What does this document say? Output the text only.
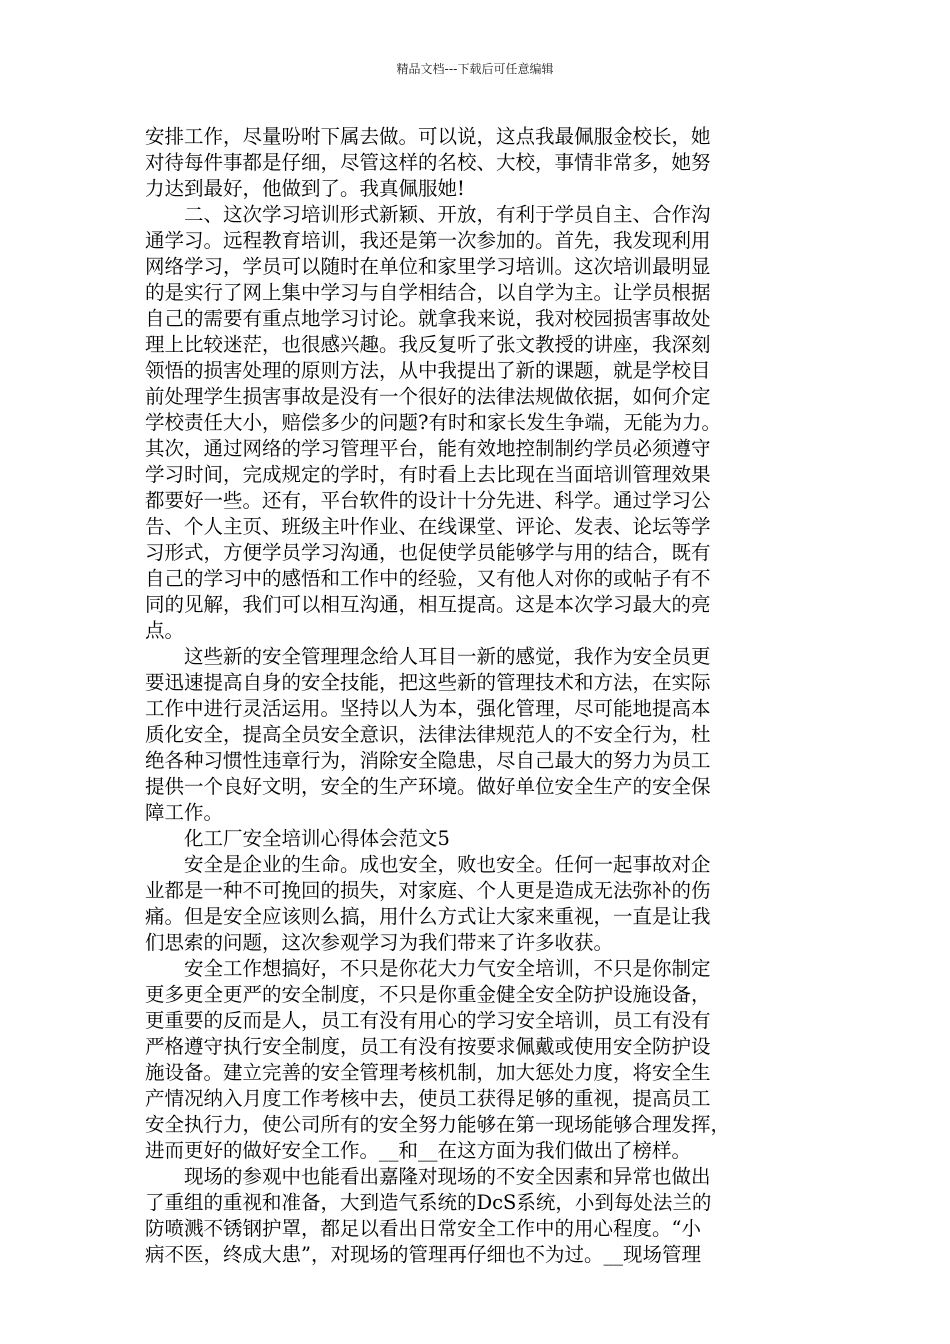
精品文档---下载后可任意编辑
安排工作，尽量吩咐下属去做。可以说，这点我最佩服金校长，她
对待每件事都是仔细，尽管这样的名校、大校，事情非常多，她努
力达到最好，他做到了。我真佩服她!
　　二、这次学习培训形式新颖、开放，有利于学员自主、合作沟
通学习。远程教育培训，我还是第一次参加的。首先，我发现利用
网络学习，学员可以随时在单位和家里学习培训。这次培训最明显
的是实行了网上集中学习与自学相结合，以自学为主。让学员根据
自己的需要有重点地学习讨论。就拿我来说，我对校园损害事故处
理上比较迷茫，也很感兴趣。我反复听了张文教授的讲座，我深刻
领悟的损害处理的原则方法，从中我提出了新的课题，就是学校目
前处理学生损害事故是没有一个很好的法律法规做依据，如何介定
学校责任大小，赔偿多少的问题?有时和家长发生争端，无能为力。
其次，通过网络的学习管理平台，能有效地控制制约学员必须遵守
学习时间，完成规定的学时，有时看上去比现在当面培训管理效果
都要好一些。还有，平台软件的设计十分先进、科学。通过学习公
告、个人主页、班级主叶作业、在线课堂、评论、发表、论坛等学
习形式，方便学员学习沟通，也促使学员能够学与用的结合，既有
自己的学习中的感悟和工作中的经验，又有他人对你的或帖子有不
同的见解，我们可以相互沟通，相互提高。这是本次学习最大的亮
点。
　　这些新的安全管理理念给人耳目一新的感觉，我作为安全员更
要迅速提高自身的安全技能，把这些新的管理技术和方法，在实际
工作中进行灵活运用。坚持以人为本，强化管理，尽可能地提高本
质化安全，提高全员安全意识，法律法律规范人的不安全行为，杜
绝各种习惯性违章行为，消除安全隐患，尽自己最大的努力为员工
提供一个良好文明，安全的生产环境。做好单位安全生产的安全保
障工作。
　　化工厂安全培训心得体会范文5
　　安全是企业的生命。成也安全，败也安全。任何一起事故对企
业都是一种不可挽回的损失，对家庭、个人更是造成无法弥补的伤
痛。但是安全应该则么搞，用什么方式让大家来重视，一直是让我
们思索的问题，这次参观学习为我们带来了许多收获。
　　安全工作想搞好，不只是你花大力气安全培训，不只是你制定
更多更全更严的安全制度，不只是你重金健全安全防护设施设备，
更重要的反而是人，员工有没有用心的学习安全培训，员工有没有
严格遵守执行安全制度，员工有没有按要求佩戴或使用安全防护设
施设备。建立完善的安全管理考核机制，加大惩处力度，将安全生
产情况纳入月度工作考核中去，使员工获得足够的重视，提高员工
安全执行力，使公司所有的安全努力能够在第一现场能够合理发挥，
进而更好的做好安全工作。__和__在这方面为我们做出了榜样。
　　现场的参观中也能看出嘉隆对现场的不安全因素和异常也做出
了重组的重视和准备，大到造气系统的DcS系统，小到每处法兰的
防喷溅不锈钢护罩，都足以看出日常安全工作中的用心程度。“小
病不医，终成大患”，对现场的管理再仔细也不为过。__现场管理
